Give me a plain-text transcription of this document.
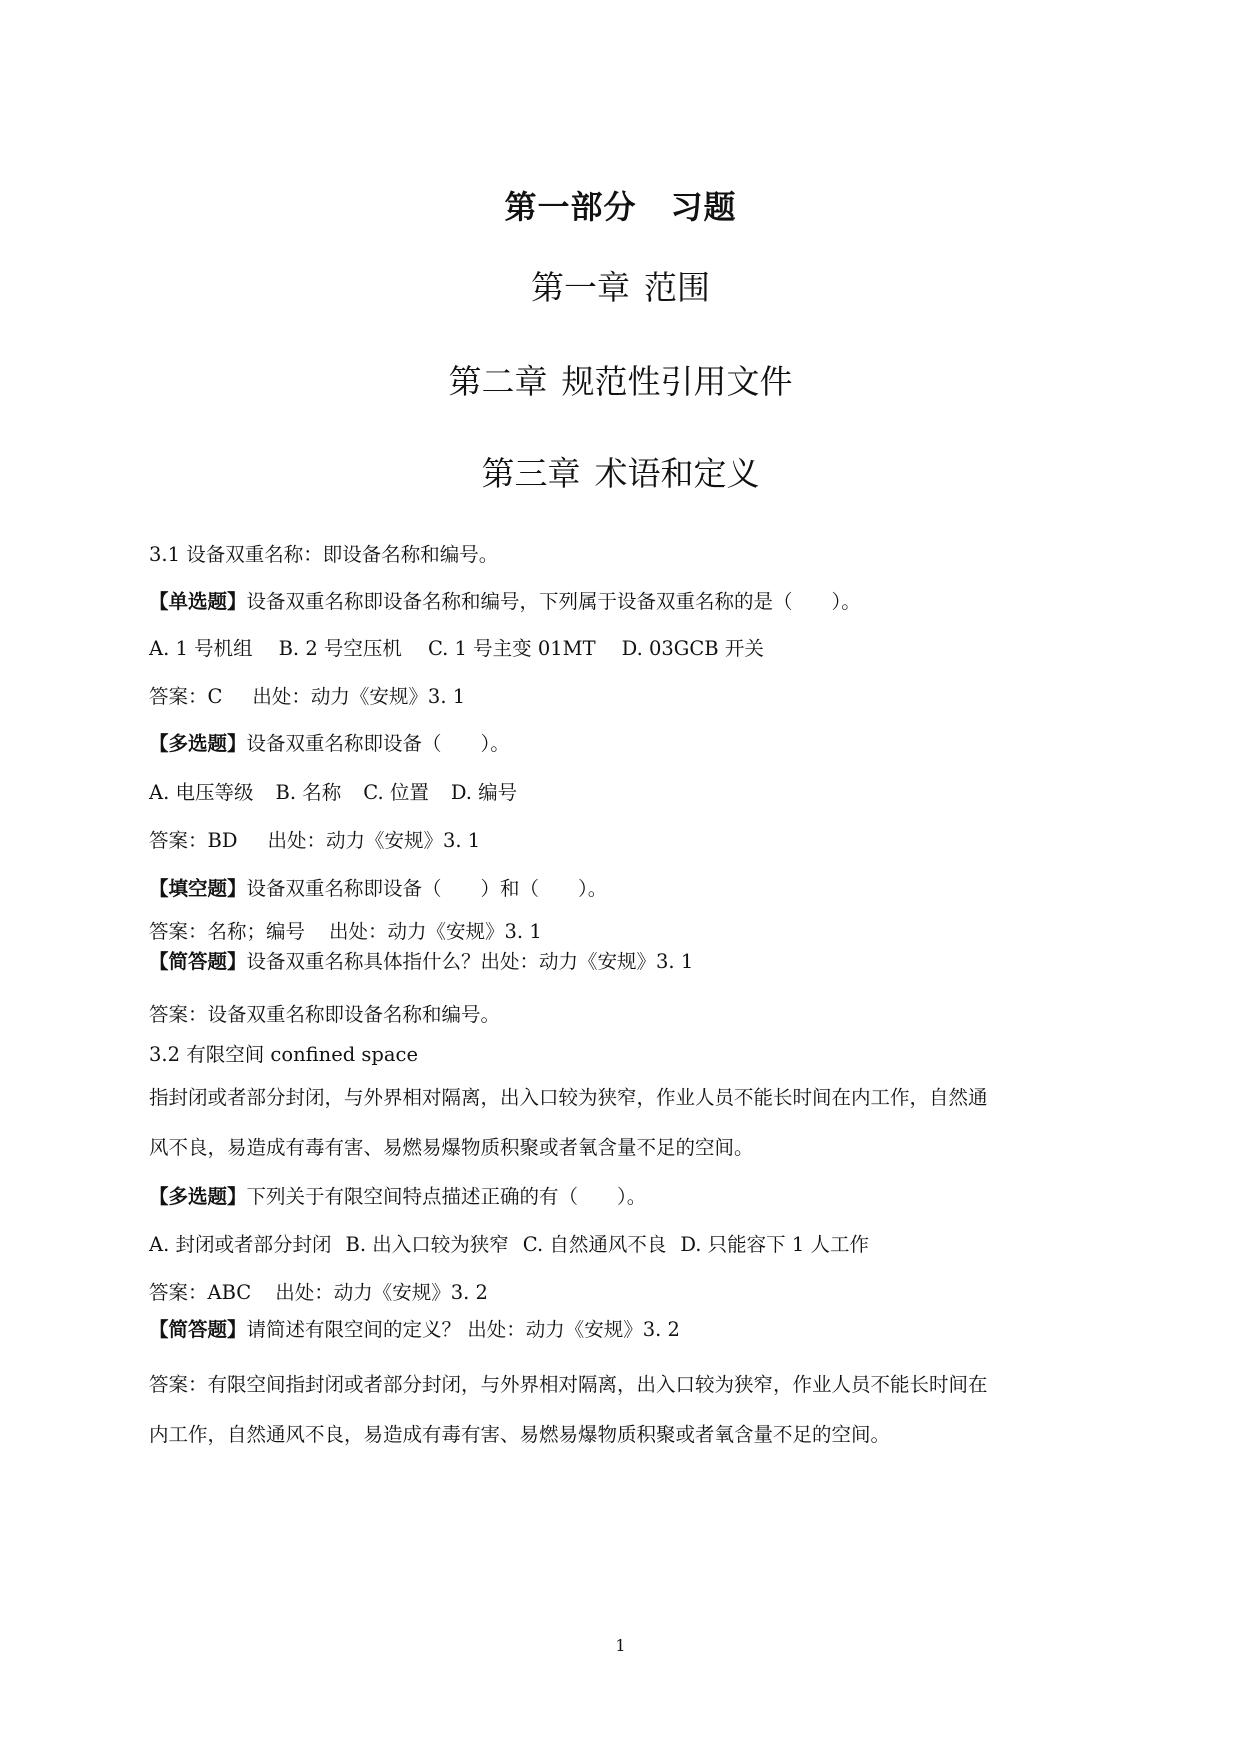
第一部分 习题
第一章 范围
第二章 规范性引用文件
第三章 术语和定义
3.1 设备双重名称：即设备名称和编号。
【单选题】设备双重名称即设备名称和编号，下列属于设备双重名称的是（　　）。
A. 1 号机组 B. 2 号空压机 C. 1 号主变 01MT D. 03GCB 开关
答案：C 出处：动力《安规》3. 1
【多选题】设备双重名称即设备（　　）。
A. 电压等级 B. 名称 C. 位置 D. 编号
答案：BD 出处：动力《安规》3. 1
【填空题】设备双重名称即设备（　　）和（　　）。
答案：名称；编号 出处：动力《安规》3. 1
【简答题】设备双重名称具体指什么？出处：动力《安规》3. 1
答案：设备双重名称即设备名称和编号。
3.2 有限空间 confined space
指封闭或者部分封闭，与外界相对隔离，出入口较为狭窄，作业人员不能长时间在内工作，自然通
风不良，易造成有毒有害、易燃易爆物质积聚或者氧含量不足的空间。
【多选题】下列关于有限空间特点描述正确的有（　　）。
A. 封闭或者部分封闭 B. 出入口较为狭窄 C. 自然通风不良 D. 只能容下 1 人工作
答案：ABC 出处：动力《安规》3. 2
【简答题】请简述有限空间的定义？ 出处：动力《安规》3. 2
答案：有限空间指封闭或者部分封闭，与外界相对隔离，出入口较为狭窄，作业人员不能长时间在
内工作，自然通风不良，易造成有毒有害、易燃易爆物质积聚或者氧含量不足的空间。
1
